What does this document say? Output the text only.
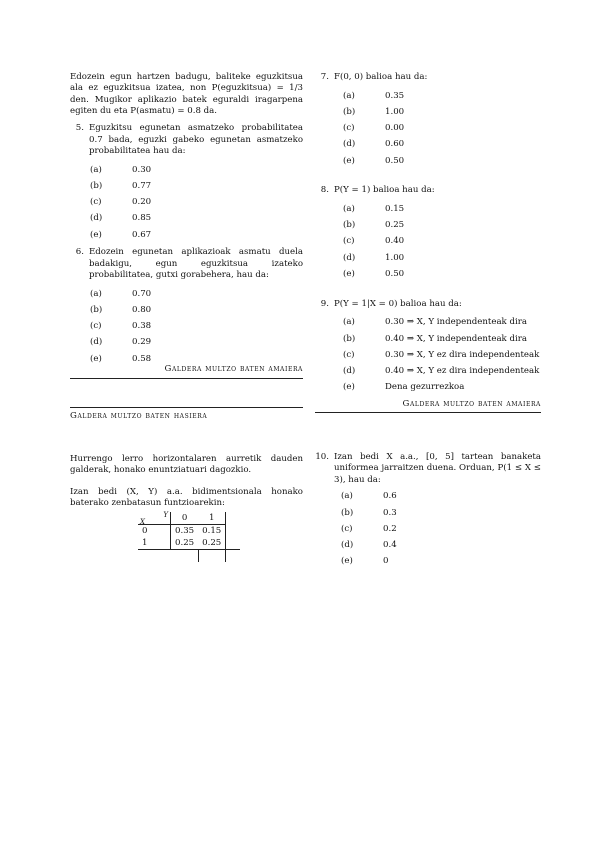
Edozein egun hartzen badugu, baliteke eguzkitsua ala ez eguzkitsua izatea, non P(eguzkitsua) = 1/3 den. Mugikor aplikazio batek eguraldi iragarpena egiten du eta P(asmatu) = 0.8 da.

5. Eguzkitsu egunetan asmatzeko probabilitatea 0.7 bada, eguzki gabeko egunetan asmatzeko probabilitatea hau da:
(a)	0.30
(b)	0.77
(c)	0.20
(d)	0.85
(e)	0.67
6. Edozein egunetan aplikazioak asmatu duela badakigu, egun eguzkitsua izateko probabilitatea, gutxi gorabehera, hau da:
(a)	0.70
(b)	0.80
(c)	0.38
(d)	0.29
(e)	0.58
Galdera multzo baten amaiera
Galdera multzo baten hasiera

Hurrengo lerro horizontalaren aurretik dauden galderak, honako enuntziatuari dagozkio.

Izan bedi (X, Y) a.a. bidimentsionala honako baterako zenbatasun funtzioarekin:

Y
X	0	1	
0	0.35	0.15	
1	0.25	0.25	

7. F(0, 0) balioa hau da:
(a)	0.35
(b)	1.00
(c)	0.00
(d)	0.60
(e)	0.50
8. P(Y = 1) balioa hau da:
(a)	0.15
(b)	0.25
(c)	0.40
(d)	1.00
(e)	0.50
9. P(Y = 1|X = 0) balioa hau da:
(a)	0.30 ⇒ X, Y independenteak dira
(b)	0.40 ⇒ X, Y independenteak dira
(c)	0.30 ⇒ X, Y ez dira independenteak
(d)	0.40 ⇒ X, Y ez dira independenteak
(e)	Dena gezurrezkoa
Galdera multzo baten amaiera
10. Izan bedi X a.a., [0, 5] tartean banaketa uniformea jarraitzen duena. Orduan, P(1 ≤ X ≤ 3), hau da:
(a)	0.6
(b)	0.3
(c)	0.2
(d)	0.4
(e)	0
